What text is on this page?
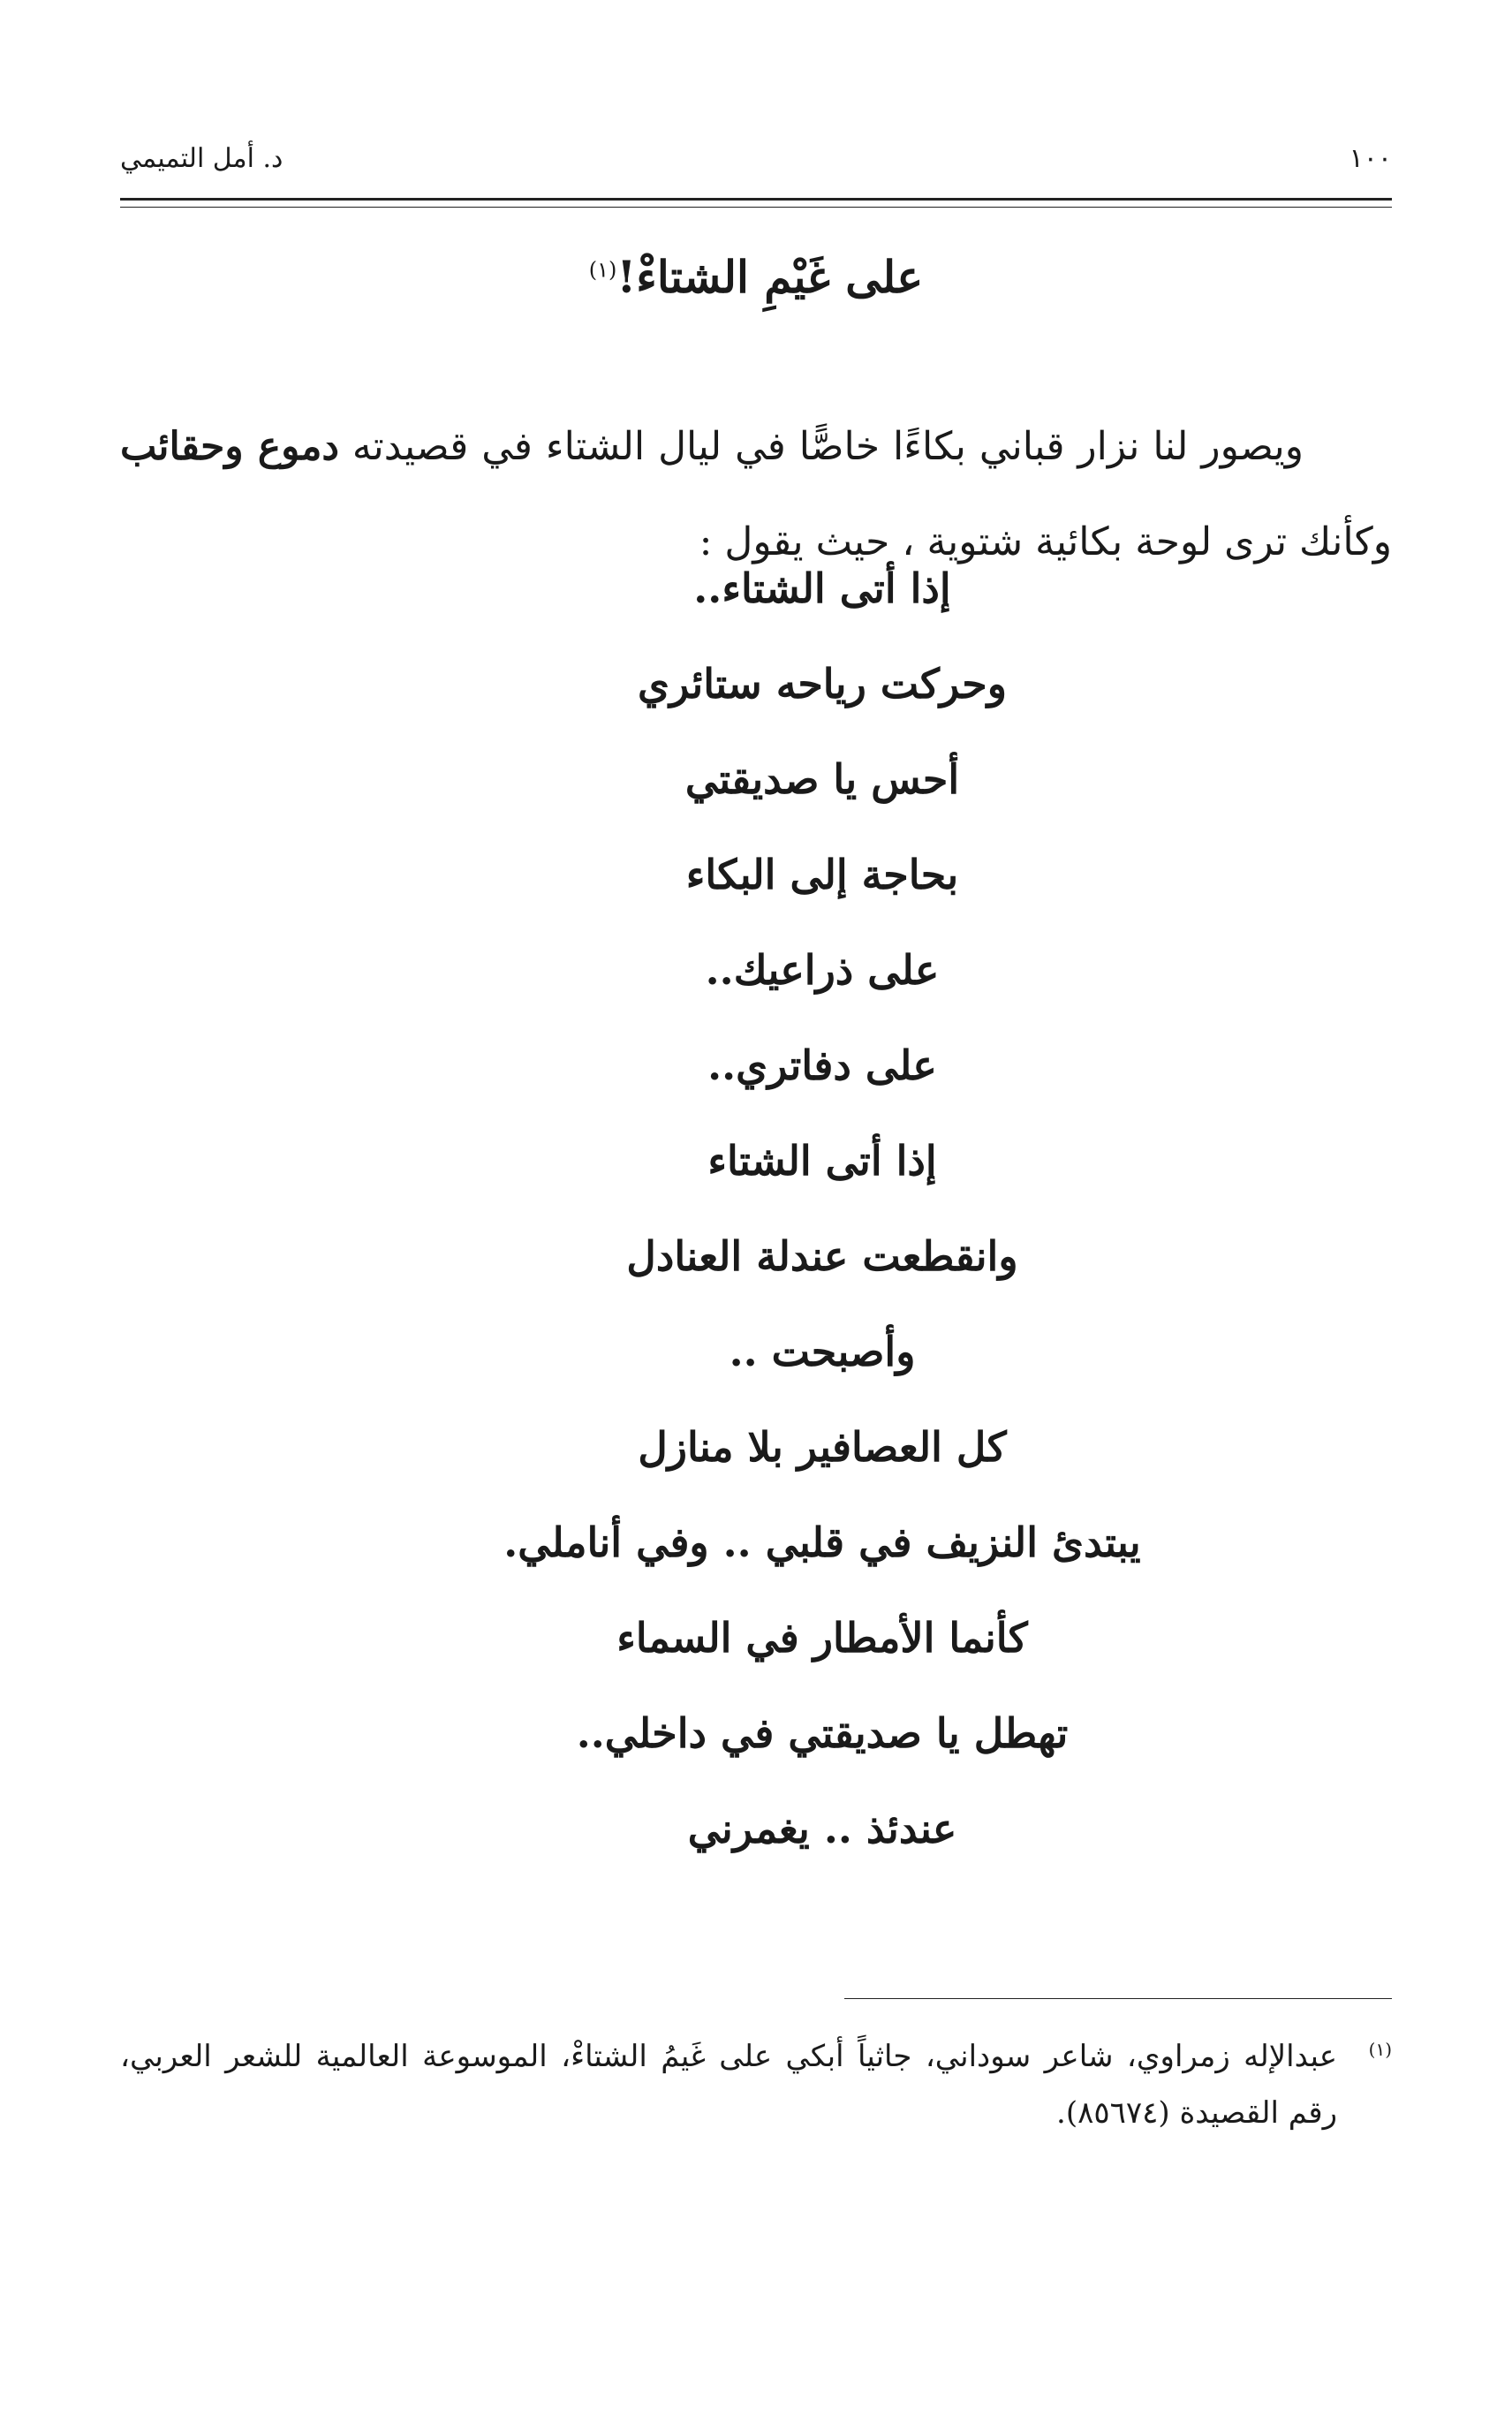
١٠٠
د. أمل التميمي
على غَيْمِ الشتاءْ!$^{(١)}$

ويصور لنا نزار قباني بكاءًا خاصًّا في ليال الشتاء في قصيدته دموع وحقائب وكأنك ترى لوحة بكائية شتوية ، حيث يقول :

إذا أتى الشتاء..
وحركت رياحه ستائري
أحس يا صديقتي
بحاجة إلى البكاء
على ذراعيك..
على دفاتري..
إذا أتى الشتاء
وانقطعت عندلة العنادل
وأصبحت ..
كل العصافير بلا منازل
يبتدئ النزيف في قلبي .. وفي أناملي.
كأنما الأمطار في السماء
تهطل يا صديقتي في داخلي..
عندئذ .. يغمرني
(١)
عبدالإله زمراوي، شاعر سوداني، جاثياً أبكي على غَيمُ الشتاءْ، الموسوعة العالمية للشعر العربي، رقم القصيدة (٨٥٦٧٤).
